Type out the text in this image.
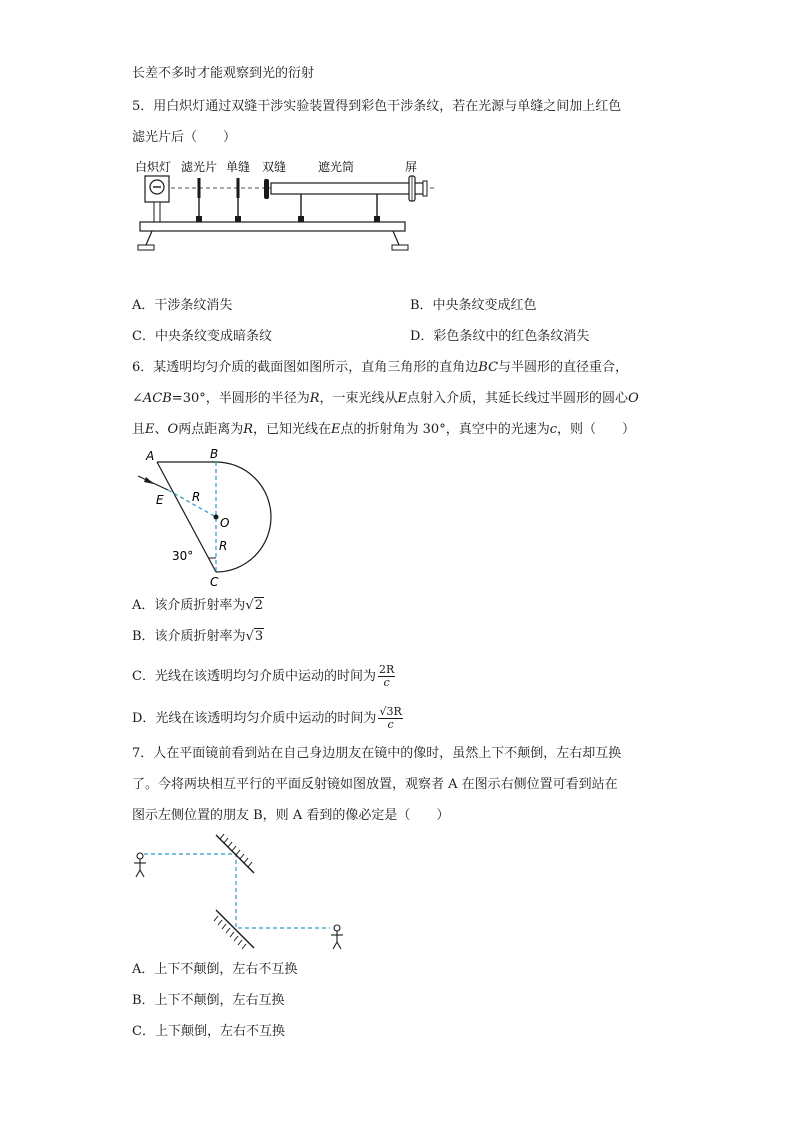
长差不多时才能观察到光的衍射
5．用白炽灯通过双缝干涉实验装置得到彩色干涉条纹，若在光源与单缝之间加上红色
滤光片后（　　）
白炽灯 滤光片 单缝 双缝	遮光筒	屏
A．干涉条纹消失	B．中央条纹变成红色
C．中央条纹变成暗条纹	D．彩色条纹中的红色条纹消失
6．某透明均匀介质的截面图如图所示，直角三角形的直角边BC与半圆形的直径重合，
∠ACB=30°，半圆形的半径为R，一束光线从E点射入介质，其延长线过半圆形的圆心O
且E、O两点距离为R，已知光线在E点的折射角为 30°，真空中的光速为c，则（　　）
A	B
E
O
R
R
30°
C
A．该介质折射率为√2
B．该介质折射率为√3
C．光线在该透明均匀介质中运动的时间为 $\frac{2R}{c}$
D．光线在该透明均匀介质中运动的时间为 $\frac{√3R}{c}$
7．人在平面镜前看到站在自己身边朋友在镜中的像时，虽然上下不颠倒，左右却互换
了。今将两块相互平行的平面反射镜如图放置，观察者 A 在图示右侧位置可看到站在
图示左侧位置的朋友 B，则 A 看到的像必定是（　　）
A．上下不颠倒，左右不互换
B．上下不颠倒，左右互换
C．上下颠倒，左右不互换
